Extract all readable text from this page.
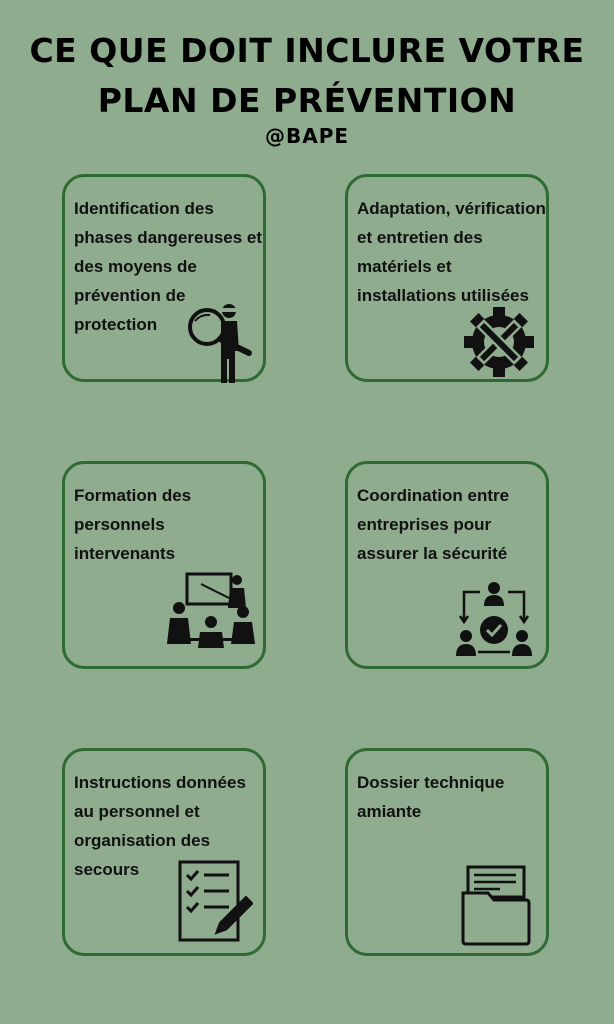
CE QUE DOIT INCLURE VOTRE
PLAN DE PRÉVENTION
@BAPE
Identification des phases dangereuses et des moyens de prévention de protection
Adaptation, vérification et entretien des matériels et installations utilisées
Formation des personnels intervenants
Coordination entre entreprises pour assurer la sécurité
Instructions données au personnel et organisation des secours
Dossier technique amiante
